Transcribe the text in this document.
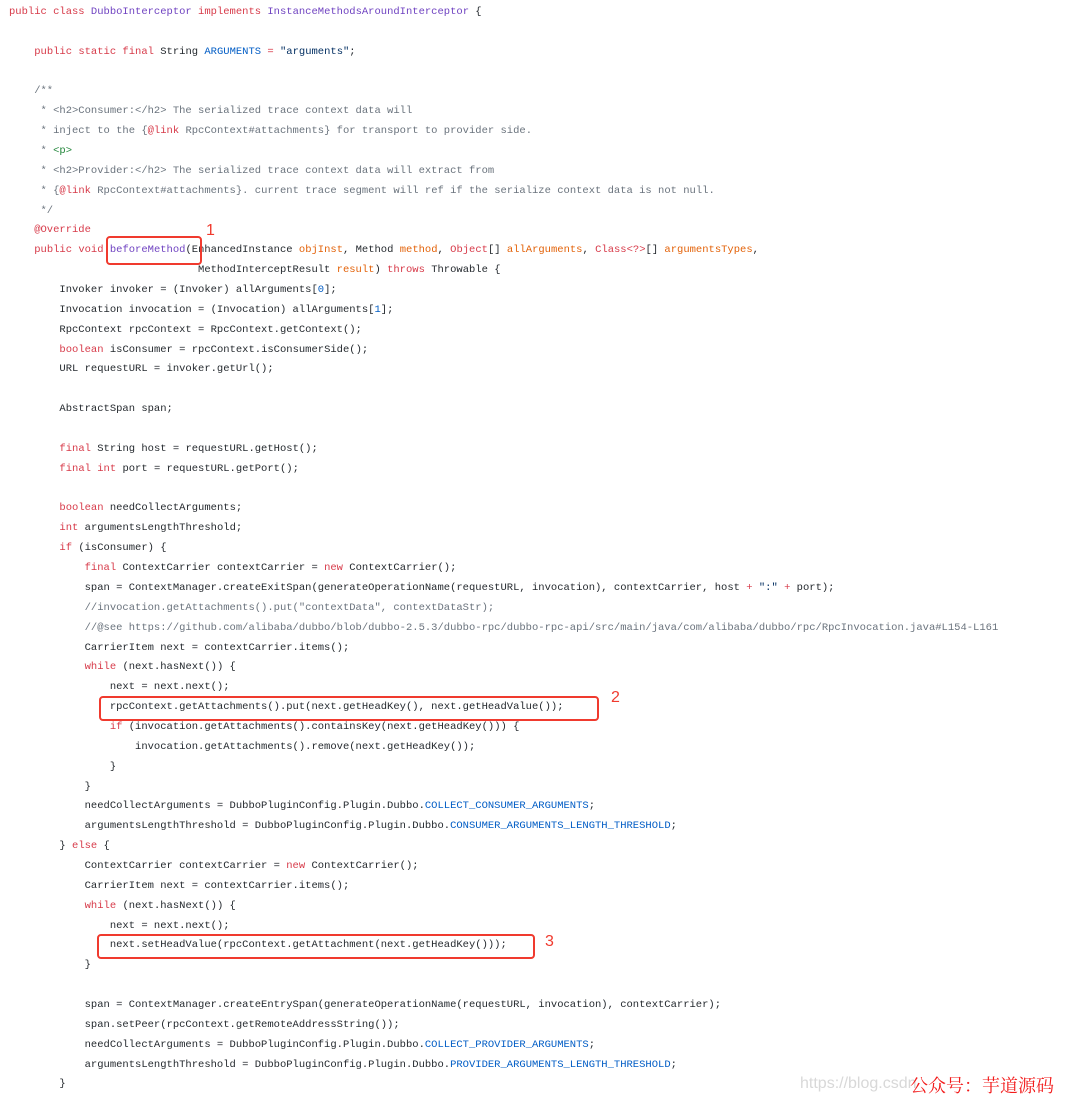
public class DubboInterceptor implements InstanceMethodsAroundInterceptor {
public static final String ARGUMENTS = "arguments";
/**
* <h2>Consumer:</h2> The serialized trace context data will
* inject to the {@link RpcContext#attachments} for transport to provider side.
* <p>
* <h2>Provider:</h2> The serialized trace context data will extract from
* {@link RpcContext#attachments}. current trace segment will ref if the serialize context data is not null.
*/
@Override
public void beforeMethod(EnhancedInstance objInst, Method method, Object[] allArguments, Class<?>[] argumentsTypes,
MethodInterceptResult result) throws Throwable {
Invoker invoker = (Invoker) allArguments[0];
Invocation invocation = (Invocation) allArguments[1];
RpcContext rpcContext = RpcContext.getContext();
boolean isConsumer = rpcContext.isConsumerSide();
URL requestURL = invoker.getUrl();
AbstractSpan span;
final String host = requestURL.getHost();
final int port = requestURL.getPort();
boolean needCollectArguments;
int argumentsLengthThreshold;
if (isConsumer) {
final ContextCarrier contextCarrier = new ContextCarrier();
span = ContextManager.createExitSpan(generateOperationName(requestURL, invocation), contextCarrier, host + ":" + port);
//invocation.getAttachments().put("contextData", contextDataStr);
//@see https://github.com/alibaba/dubbo/blob/dubbo-2.5.3/dubbo-rpc/dubbo-rpc-api/src/main/java/com/alibaba/dubbo/rpc/RpcInvocation.java#L154-L161
CarrierItem next = contextCarrier.items();
while (next.hasNext()) {
next = next.next();
rpcContext.getAttachments().put(next.getHeadKey(), next.getHeadValue());
if (invocation.getAttachments().containsKey(next.getHeadKey())) {
invocation.getAttachments().remove(next.getHeadKey());
}
}
needCollectArguments = DubboPluginConfig.Plugin.Dubbo.COLLECT_CONSUMER_ARGUMENTS;
argumentsLengthThreshold = DubboPluginConfig.Plugin.Dubbo.CONSUMER_ARGUMENTS_LENGTH_THRESHOLD;
} else {
ContextCarrier contextCarrier = new ContextCarrier();
CarrierItem next = contextCarrier.items();
while (next.hasNext()) {
next = next.next();
next.setHeadValue(rpcContext.getAttachment(next.getHeadKey()));
}
span = ContextManager.createEntrySpan(generateOperationName(requestURL, invocation), contextCarrier);
span.setPeer(rpcContext.getRemoteAddressString());
needCollectArguments = DubboPluginConfig.Plugin.Dubbo.COLLECT_PROVIDER_ARGUMENTS;
argumentsLengthThreshold = DubboPluginConfig.Plugin.Dubbo.PROVIDER_ARGUMENTS_LENGTH_THRESHOLD;
}
1
2
3
https://blog.csdn
公众号：芋道源码
